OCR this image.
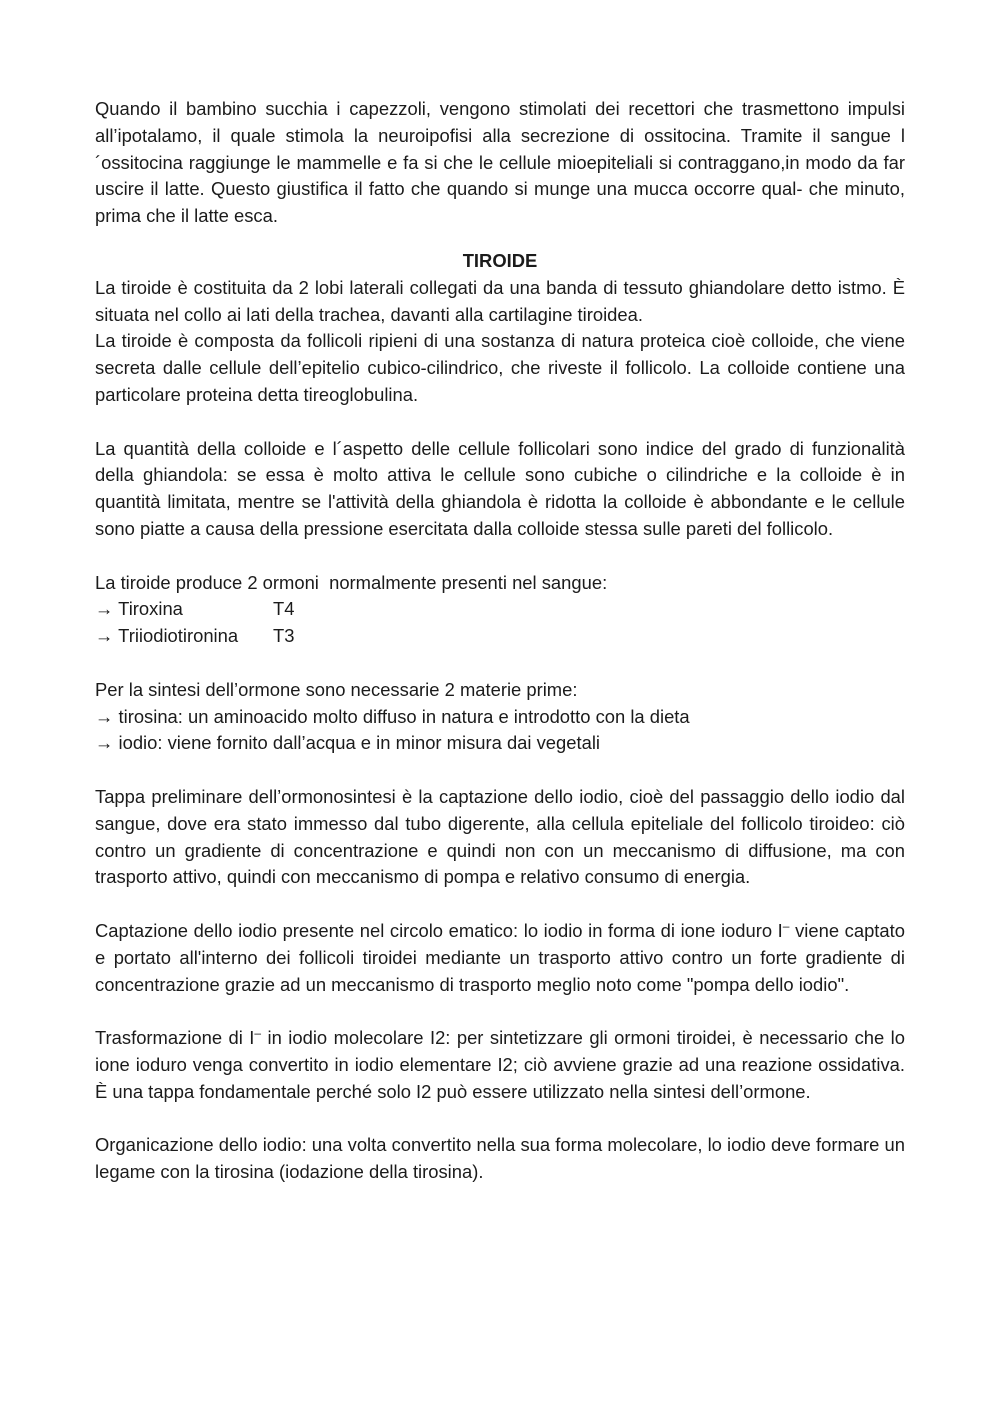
Quando il bambino succhia i capezzoli, vengono stimolati dei recettori che trasmettono impulsi all’ipotalamo, il quale stimola la neuroipofisi alla secrezione di ossitocina. Tramite il sangue l´ossitocina raggiunge le mammelle e fa si che le cellule mioepiteliali si contraggano,in modo da far uscire il latte. Questo giustifica il fatto che quando si munge una mucca occorre qual- che minuto, prima che il latte esca.

TIROIDE

La tiroide è costituita da 2 lobi laterali collegati da una banda di tessuto ghiandolare detto istmo. È situata nel collo ai lati della trachea, davanti alla cartilagine tiroidea.

La tiroide è composta da follicoli ripieni di una sostanza di natura proteica cioè colloide, che viene secreta dalle cellule dell’epitelio cubico-cilindrico, che riveste il follicolo. La colloide contiene una particolare proteina detta tireoglobulina.

La quantità della colloide e l´aspetto delle cellule follicolari sono indice del grado di funzionalità della ghiandola: se essa è molto attiva le cellule sono cubiche o cilindriche e la colloide è in quantità limitata, mentre se l'attività della ghiandola è ridotta la colloide è abbondante e le cellule sono piatte a causa della pressione esercitata dalla colloide stessa sulle pareti del follicolo.

La tiroide produce 2 ormoni  normalmente presenti nel sangue:

→ Tiroxina	T4

→ Triiodiotironina T3

Per la sintesi dell’ormone sono necessarie 2 materie prime:

→ tirosina: un aminoacido molto diffuso in natura e introdotto con la dieta

→ iodio: viene fornito dall’acqua e in minor misura dai vegetali

Tappa preliminare dell’ormonosintesi è la captazione dello iodio, cioè del passaggio dello iodio dal sangue, dove era stato immesso dal tubo digerente, alla cellula epiteliale del follicolo tiroideo: ciò contro un gradiente di concentrazione e quindi non con un meccanismo di diffusione, ma con trasporto attivo, quindi con meccanismo di pompa e relativo consumo di energia.

Captazione dello iodio presente nel circolo ematico: lo iodio in forma di ione ioduro I– viene captato e portato all'interno dei follicoli tiroidei mediante un trasporto attivo contro un forte gradiente di concentrazione grazie ad un meccanismo di trasporto meglio noto come "pompa dello iodio".

Trasformazione di I– in iodio molecolare I2: per sintetizzare gli ormoni tiroidei, è necessario che lo ione ioduro venga convertito in iodio elementare I2; ciò avviene grazie ad una reazione ossidativa. È una tappa fondamentale perché solo I2 può essere utilizzato nella sintesi dell’ormone.

Organicazione dello iodio: una volta convertito nella sua forma molecolare, lo iodio deve formare un legame con la tirosina (iodazione della tirosina).
